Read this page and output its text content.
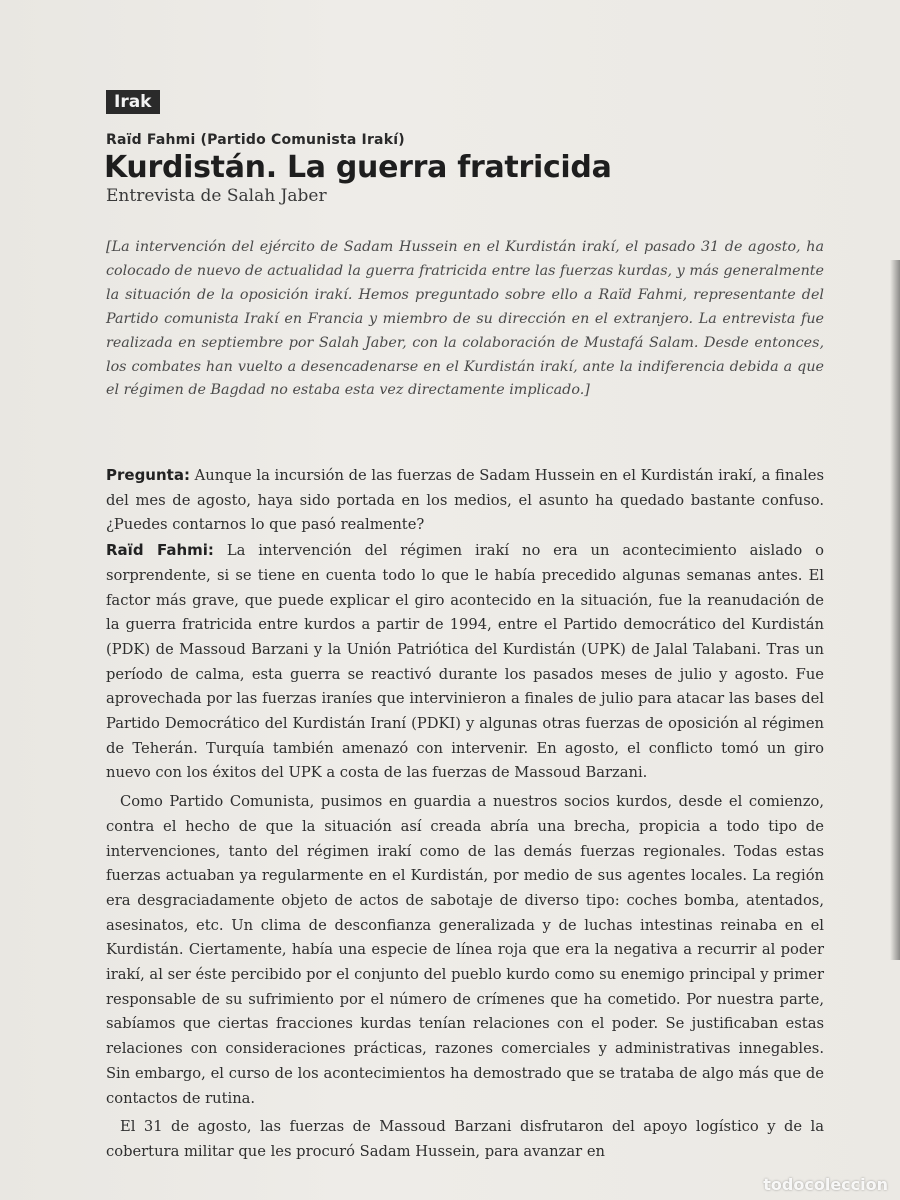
Irak
Raïd Fahmi (Partido Comunista Irakí)
Kurdistán. La guerra fratricida
Entrevista de Salah Jaber

[La intervención del ejército de Sadam Hussein en el Kurdistán irakí, el pasado 31 de agosto, ha colocado de nuevo de actualidad la guerra fratricida entre las fuerzas kurdas, y más generalmente la situación de la oposición irakí. Hemos preguntado sobre ello a Raïd Fahmi, representante del Partido comunista Irakí en Francia y miembro de su dirección en el extranjero. La entrevista fue realizada en septiembre por Salah Jaber, con la colaboración de Mustafá Salam. Desde entonces, los combates han vuelto a desencadenarse en el Kurdistán irakí, ante la indiferencia debida a que el régimen de Bagdad no estaba esta vez directamente implicado.]

Pregunta: Aunque la incursión de las fuerzas de Sadam Hussein en el Kurdistán irakí, a finales del mes de agosto, haya sido portada en los medios, el asunto ha quedado bastante confuso. ¿Puedes contarnos lo que pasó realmente?

Raïd Fahmi: La intervención del régimen irakí no era un acontecimiento aislado o sorprendente, si se tiene en cuenta todo lo que le había precedido algunas semanas antes. El factor más grave, que puede explicar el giro acontecido en la situación, fue la reanudación de la guerra fratricida entre kurdos a partir de 1994, entre el Partido democrático del Kurdistán (PDK) de Massoud Barzani y la Unión Patriótica del Kurdistán (UPK) de Jalal Talabani. Tras un período de calma, esta guerra se reactivó durante los pasados meses de julio y agosto. Fue aprovechada por las fuerzas iraníes que intervinieron a finales de julio para atacar las bases del Partido Democrático del Kurdistán Iraní (PDKI) y algunas otras fuerzas de oposición al régimen de Teherán. Turquía también amenazó con intervenir. En agosto, el conflicto tomó un giro nuevo con los éxitos del UPK a costa de las fuerzas de Massoud Barzani.

Como Partido Comunista, pusimos en guardia a nuestros socios kurdos, desde el comienzo, contra el hecho de que la situación así creada abría una brecha, propicia a todo tipo de intervenciones, tanto del régimen irakí como de las demás fuerzas regionales. Todas estas fuerzas actuaban ya regularmente en el Kurdistán, por medio de sus agentes locales. La región era desgraciadamente objeto de actos de sabotaje de diverso tipo: coches bomba, atentados, asesinatos, etc. Un clima de desconfianza generalizada y de luchas intestinas reinaba en el Kurdistán. Ciertamente, había una especie de línea roja que era la negativa a recurrir al poder irakí, al ser éste percibido por el conjunto del pueblo kurdo como su enemigo principal y primer responsable de su sufrimiento por el número de crímenes que ha cometido. Por nuestra parte, sabíamos que ciertas fracciones kurdas tenían relaciones con el poder. Se justificaban estas relaciones con consideraciones prácticas, razones comerciales y administrativas innegables. Sin embargo, el curso de los acontecimientos ha demostrado que se trataba de algo más que de contactos de rutina.

El 31 de agosto, las fuerzas de Massoud Barzani disfrutaron del apoyo logístico y de la cobertura militar que les procuró Sadam Hussein, para avanzar en

todocoleccion
